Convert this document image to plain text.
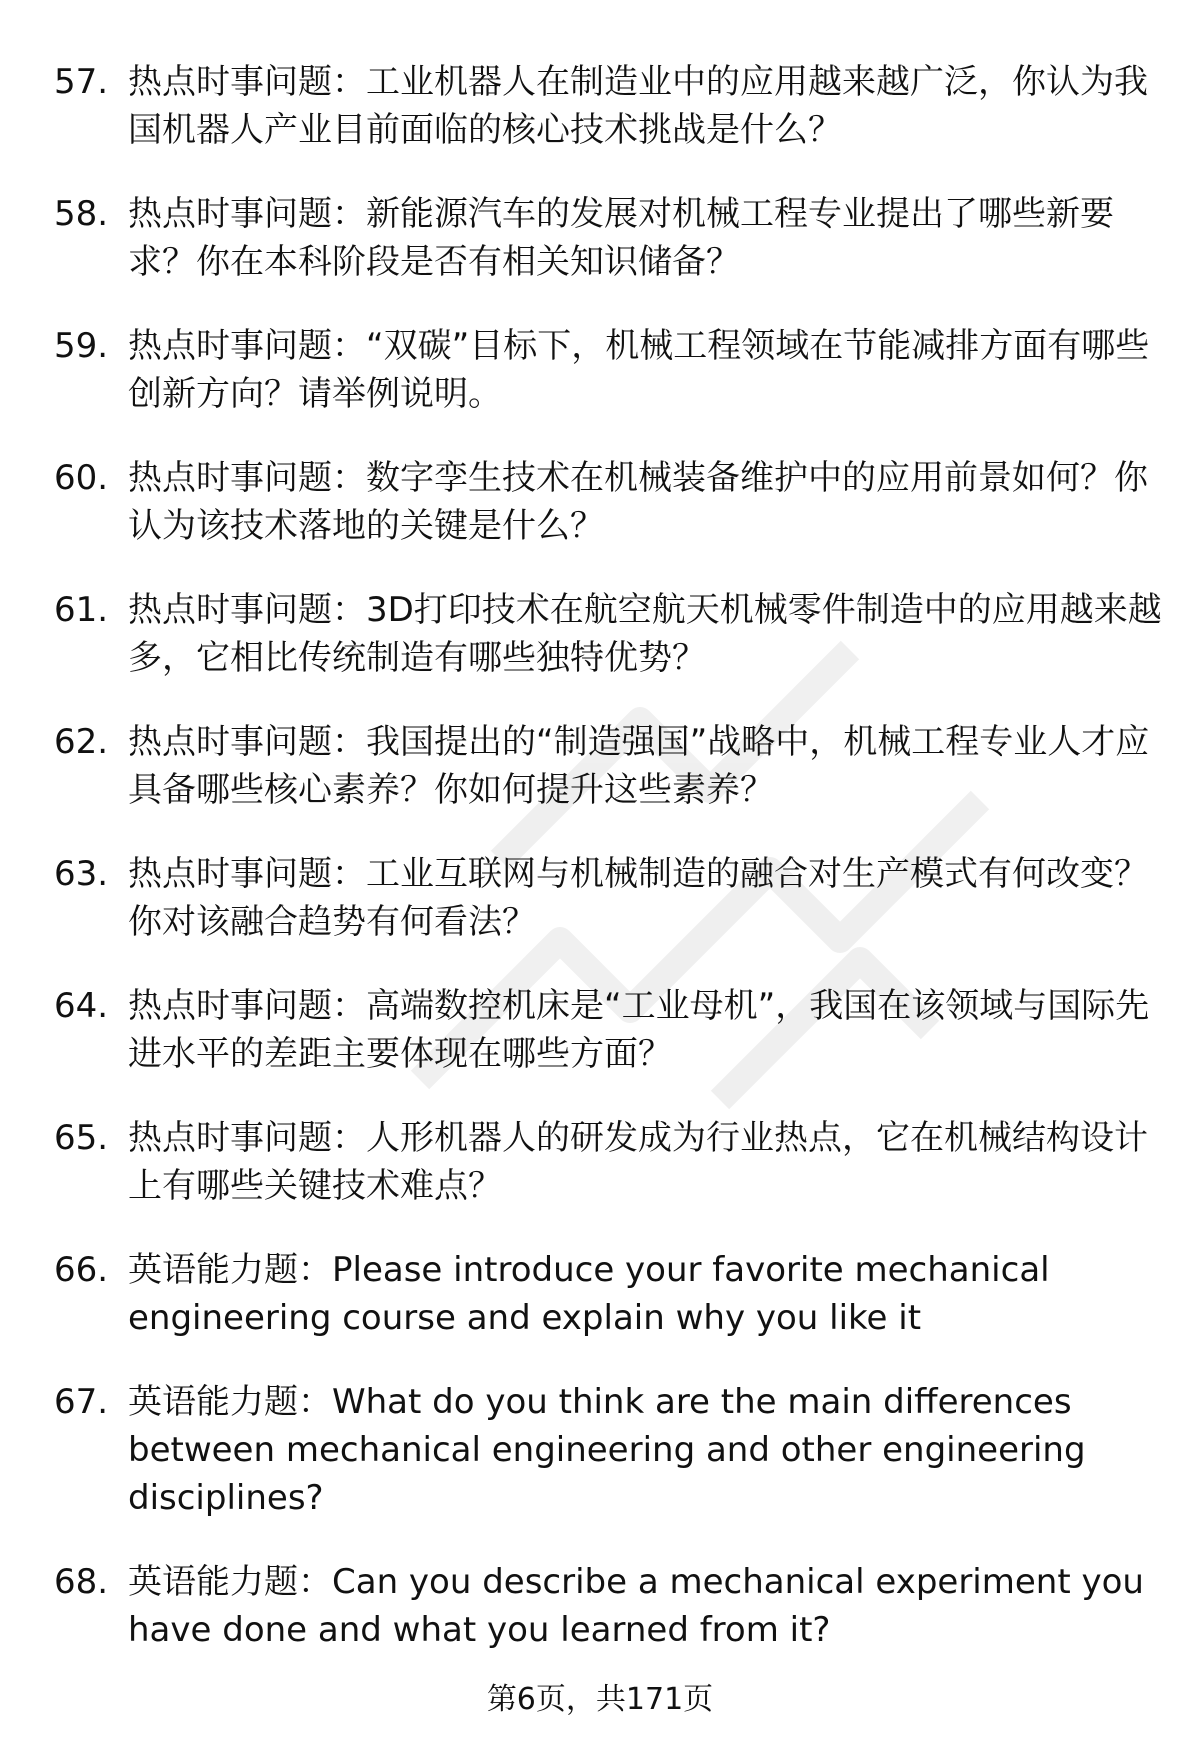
57. 热点时事问题：工业机器人在制造业中的应用越来越广泛，你认为我国机器人产业目前面临的核心技术挑战是什么？
58. 热点时事问题：新能源汽车的发展对机械工程专业提出了哪些新要求？你在本科阶段是否有相关知识储备？
59. 热点时事问题：“双碳”目标下，机械工程领域在节能减排方面有哪些创新方向？请举例说明。
60. 热点时事问题：数字孪生技术在机械装备维护中的应用前景如何？你认为该技术落地的关键是什么？
61. 热点时事问题：3D打印技术在航空航天机械零件制造中的应用越来越多，它相比传统制造有哪些独特优势？
62. 热点时事问题：我国提出的“制造强国”战略中，机械工程专业人才应具备哪些核心素养？你如何提升这些素养？
63. 热点时事问题：工业互联网与机械制造的融合对生产模式有何改变？你对该融合趋势有何看法？
64. 热点时事问题：高端数控机床是“工业母机”，我国在该领域与国际先进水平的差距主要体现在哪些方面？
65. 热点时事问题：人形机器人的研发成为行业热点，它在机械结构设计上有哪些关键技术难点？
66. 英语能力题：Please introduce your favorite mechanical engineering course and explain why you like it
67. 英语能力题：What do you think are the main differences between mechanical engineering and other engineering disciplines?
68. 英语能力题：Can you describe a mechanical experiment you have done and what you learned from it?
第6页，共171页
